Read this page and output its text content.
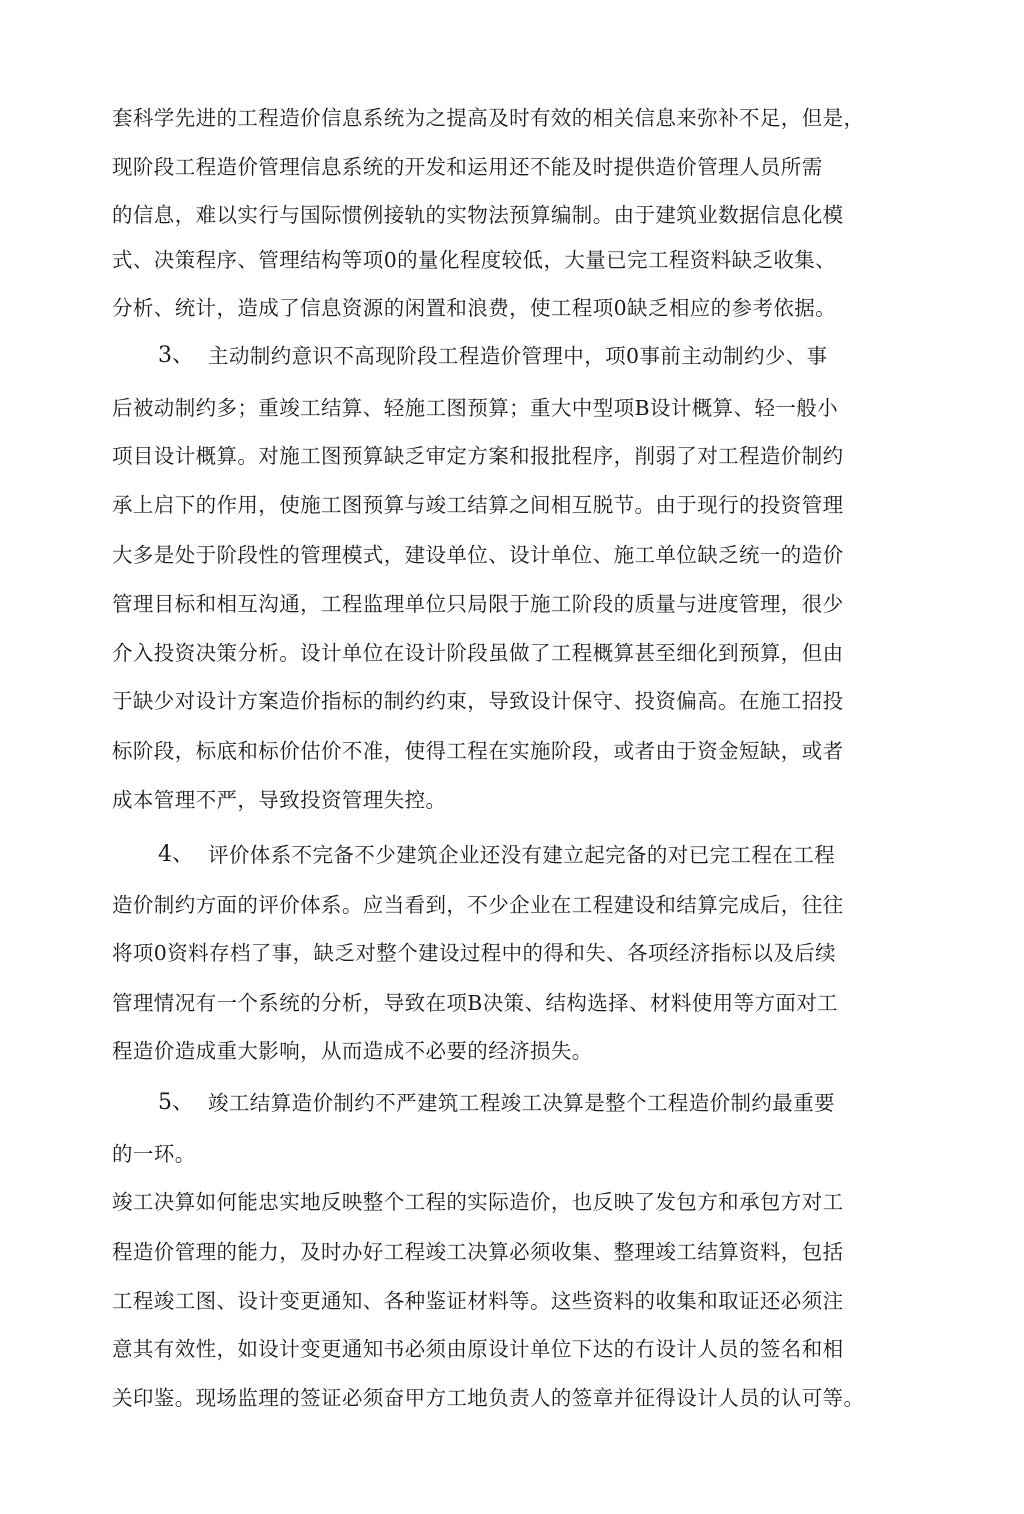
套科学先进的工程造价信息系统为之提高及时有效的相关信息来弥补不足，但是，
现阶段工程造价管理信息系统的开发和运用还不能及时提供造价管理人员所需
的信息，难以实行与国际惯例接轨的实物法预算编制。由于建筑业数据信息化模
式、决策程序、管理结构等项0的量化程度较低，大量已完工程资料缺乏收集、
分析、统计，造成了信息资源的闲置和浪费，使工程项0缺乏相应的参考依据。
3、 主动制约意识不高现阶段工程造价管理中，项0事前主动制约少、事
后被动制约多；重竣工结算、轻施工图预算；重大中型项B设计概算、轻一般小
项目设计概算。对施工图预算缺乏审定方案和报批程序，削弱了对工程造价制约
承上启下的作用，使施工图预算与竣工结算之间相互脱节。由于现行的投资管理
大多是处于阶段性的管理模式，建设单位、设计单位、施工单位缺乏统一的造价
管理目标和相互沟通，工程监理单位只局限于施工阶段的质量与进度管理，很少
介入投资决策分析。设计单位在设计阶段虽做了工程概算甚至细化到预算，但由
于缺少对设计方案造价指标的制约约束，导致设计保守、投资偏高。在施工招投
标阶段，标底和标价估价不准，使得工程在实施阶段，或者由于资金短缺，或者
成本管理不严，导致投资管理失控。
4、 评价体系不完备不少建筑企业还没有建立起完备的对已完工程在工程
造价制约方面的评价体系。应当看到，不少企业在工程建设和结算完成后，往往
将项0资料存档了事，缺乏对整个建设过程中的得和失、各项经济指标以及后续
管理情况有一个系统的分析，导致在项B决策、结构选择、材料使用等方面对工
程造价造成重大影响，从而造成不必要的经济损失。
5、 竣工结算造价制约不严建筑工程竣工决算是整个工程造价制约最重要
的一环。
竣工决算如何能忠实地反映整个工程的实际造价，也反映了发包方和承包方对工
程造价管理的能力，及时办好工程竣工决算必须收集、整理竣工结算资料，包括
工程竣工图、设计变更通知、各种鉴证材料等。这些资料的收集和取证还必须注
意其有效性，如设计变更通知书必须由原设计单位下达的冇设计人员的签名和相
关印鉴。现场监理的签证必须奋甲方工地负责人的签章并征得设计人员的认可等。
